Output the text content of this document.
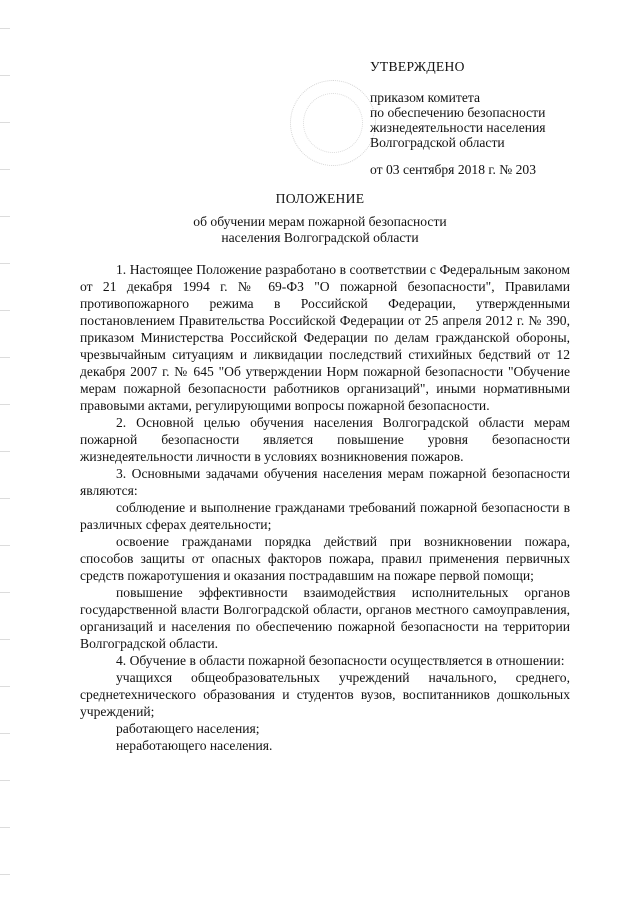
УТВЕРЖДЕНО
приказом комитета
по обеспечению безопасности
жизнедеятельности населения
Волгоградской области
от 03 сентября 2018 г. № 203
ПОЛОЖЕНИЕ
об обучении мерам пожарной безопасности
населения Волгоградской области

1. Настоящее Положение разработано в соответствии с Федеральным законом от 21 декабря 1994 г. № 69-ФЗ "О пожарной безопасности", Правилами противопожарного режима в Российской Федерации, утвержденными постановлением Правительства Российской Федерации от 25 апреля 2012 г. № 390, приказом Министерства Российской Федерации по делам гражданской обороны, чрезвычайным ситуациям и ликвидации последствий стихийных бедствий от 12 декабря 2007 г. № 645 "Об утверждении Норм пожарной безопасности "Обучение мерам пожарной безопасности работников организаций", иными нормативными правовыми актами, регулирующими вопросы пожарной безопасности.

2. Основной целью обучения населения Волгоградской области мерам пожарной безопасности является повышение уровня безопасности жизнедеятельности личности в условиях возникновения пожаров.

3. Основными задачами обучения населения мерам пожарной безопасности являются:

соблюдение и выполнение гражданами требований пожарной безопасности в различных сферах деятельности;

освоение гражданами порядка действий при возникновении пожара, способов защиты от опасных факторов пожара, правил применения первичных средств пожаротушения и оказания пострадавшим на пожаре первой помощи;

повышение эффективности взаимодействия исполнительных органов государственной власти Волгоградской области, органов местного самоуправления, организаций и населения по обеспечению пожарной безопасности на территории Волгоградской области.

4. Обучение в области пожарной безопасности осуществляется в отношении:

учащихся общеобразовательных учреждений начального, среднего, среднетехнического образования и студентов вузов, воспитанников дошкольных учреждений;

работающего населения;

неработающего населения.
